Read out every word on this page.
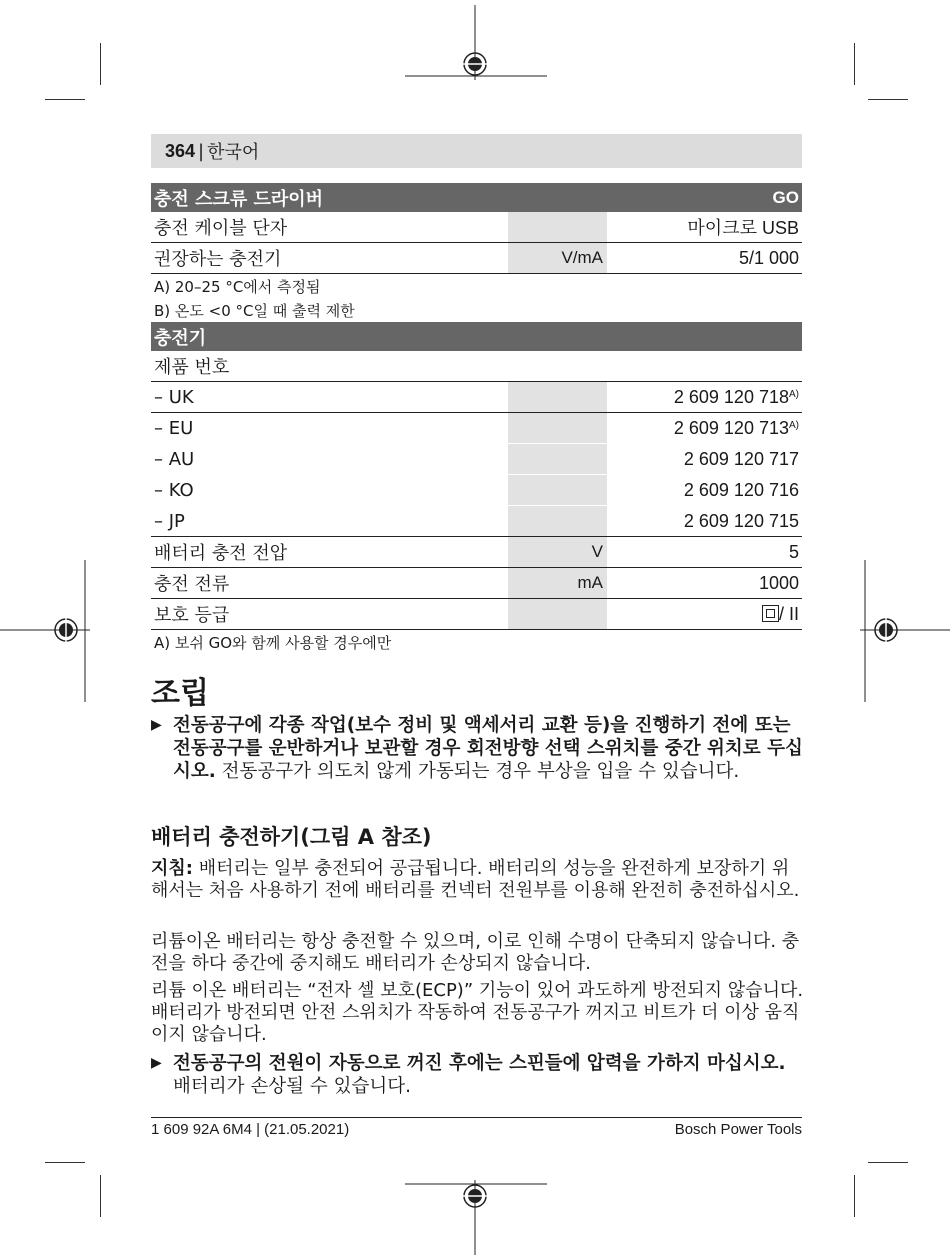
364 | 한국어
충전 스크류 드라이버	GO
충전 케이블 단자	마이크로 USB
권장하는 충전기	V/mA	5/1 000
A) 20–25 °C에서 측정됨
B) 온도 <0 °C일 때 출력 제한
충전기
제품 번호
– UK	2 609 120 $718^{A)}$
– EU	2 609 120 $713^{A)}$
– AU	2 609 120 717
– KO	2 609 120 716
– JP	2 609 120 715
배터리 충전 전압	V	5
충전 전류	mA	1000
보호 등급	/ II
A) 보쉬 GO와 함께 사용할 경우에만
조립
▶ 전동공구에 각종 작업(보수 정비 및 액세서리 교환 등)을 진행하기 전에 또는 전동공구를 운반하거나 보관할 경우 회전방향 선택 스위치를 중간 위치로 두십시오. 전동공구가 의도치 않게 가동되는 경우 부상을 입을 수 있습니다.
배터리 충전하기(그림 A 참조)
지침: 배터리는 일부 충전되어 공급됩니다. 배터리의 성능을 완전하게 보장하기 위해서는 처음 사용하기 전에 배터리를 컨넥터 전원부를 이용해 완전히 충전하십시오.
리튬이온 배터리는 항상 충전할 수 있으며, 이로 인해 수명이 단축되지 않습니다. 충전을 하다 중간에 중지해도 배터리가 손상되지 않습니다.
리튬 이온 배터리는 “전자 셀 보호(ECP)” 기능이 있어 과도하게 방전되지 않습니다. 배터리가 방전되면 안전 스위치가 작동하여 전동공구가 꺼지고 비트가 더 이상 움직이지 않습니다.
▶ 전동공구의 전원이 자동으로 꺼진 후에는 스핀들에 압력을 가하지 마십시오. 배터리가 손상될 수 있습니다.
1 609 92A 6M4 | (21.05.2021)	Bosch Power Tools
